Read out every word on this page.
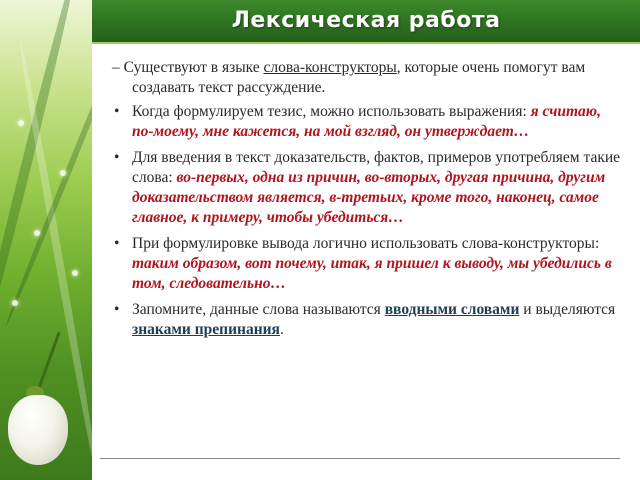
Лексическая работа

– Существуют в языке слова-конструкторы, которые очень помогут вам создавать текст рассуждение.

• Когда формулируем тезис, можно использовать выражения: я считаю, по-моему, мне кажется, на мой взгляд, он утверждает…
• Для введения в текст доказательств, фактов, примеров употребляем такие слова: во-первых, одна из причин, во-вторых, другая причина, другим доказательством является, в-третьих, кроме того, наконец, самое главное, к примеру, чтобы убедиться…
• При формулировке вывода логично использовать слова-конструкторы: таким образом, вот почему, итак, я пришел к выводу, мы убедились в том, следовательно…
• Запомните, данные слова называются вводными словами и выделяются знаками препинания.
